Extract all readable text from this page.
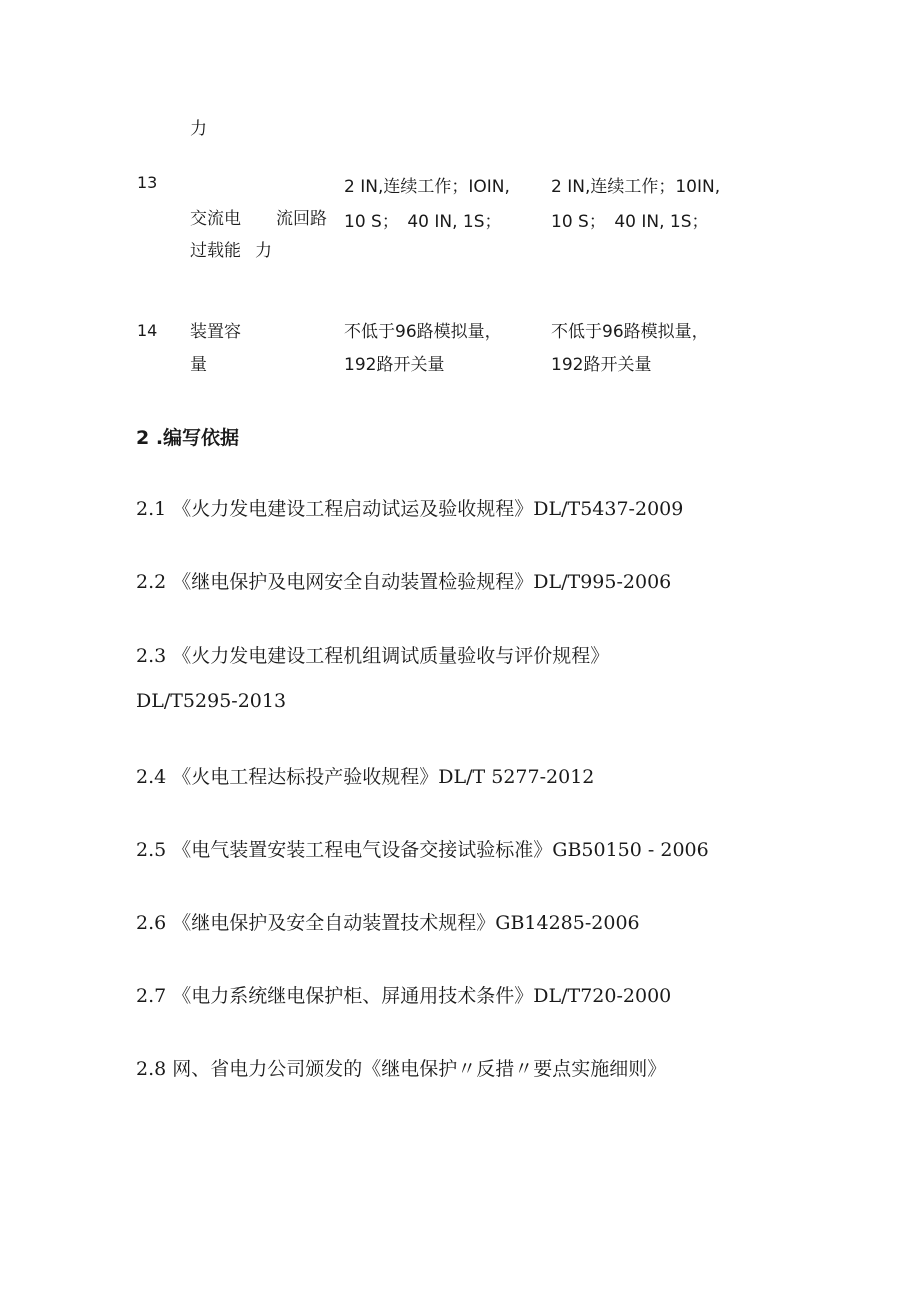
力
13
交流电 流回路
过载能 力
2 IN,连续工作；IOIN,
10 S；　40 IN, 1S；
2 IN,连续工作；10IN,
10 S；　40 IN, 1S；
14 装置容
量
不低于96路模拟量，
192路开关量
不低于96路模拟量，
192路开关量
2 .编写依据
2.1 《火力发电建设工程启动试运及验收规程》DL/T5437-2009
2.2 《继电保护及电网安全自动装置检验规程》DL/T995-2006
2.3 《火力发电建设工程机组调试质量验收与评价规程》
DL/T5295-2013
2.4 《火电工程达标投产验收规程》DL/T 5277-2012
2.5 《电气装置安装工程电气设备交接试验标准》GB50150 - 2006
2.6 《继电保护及安全自动装置技术规程》GB14285-2006
2.7 《电力系统继电保护柜、屏通用技术条件》DL/T720-2000
2.8 网、省电力公司颁发的《继电保护〃反措〃要点实施细则》
